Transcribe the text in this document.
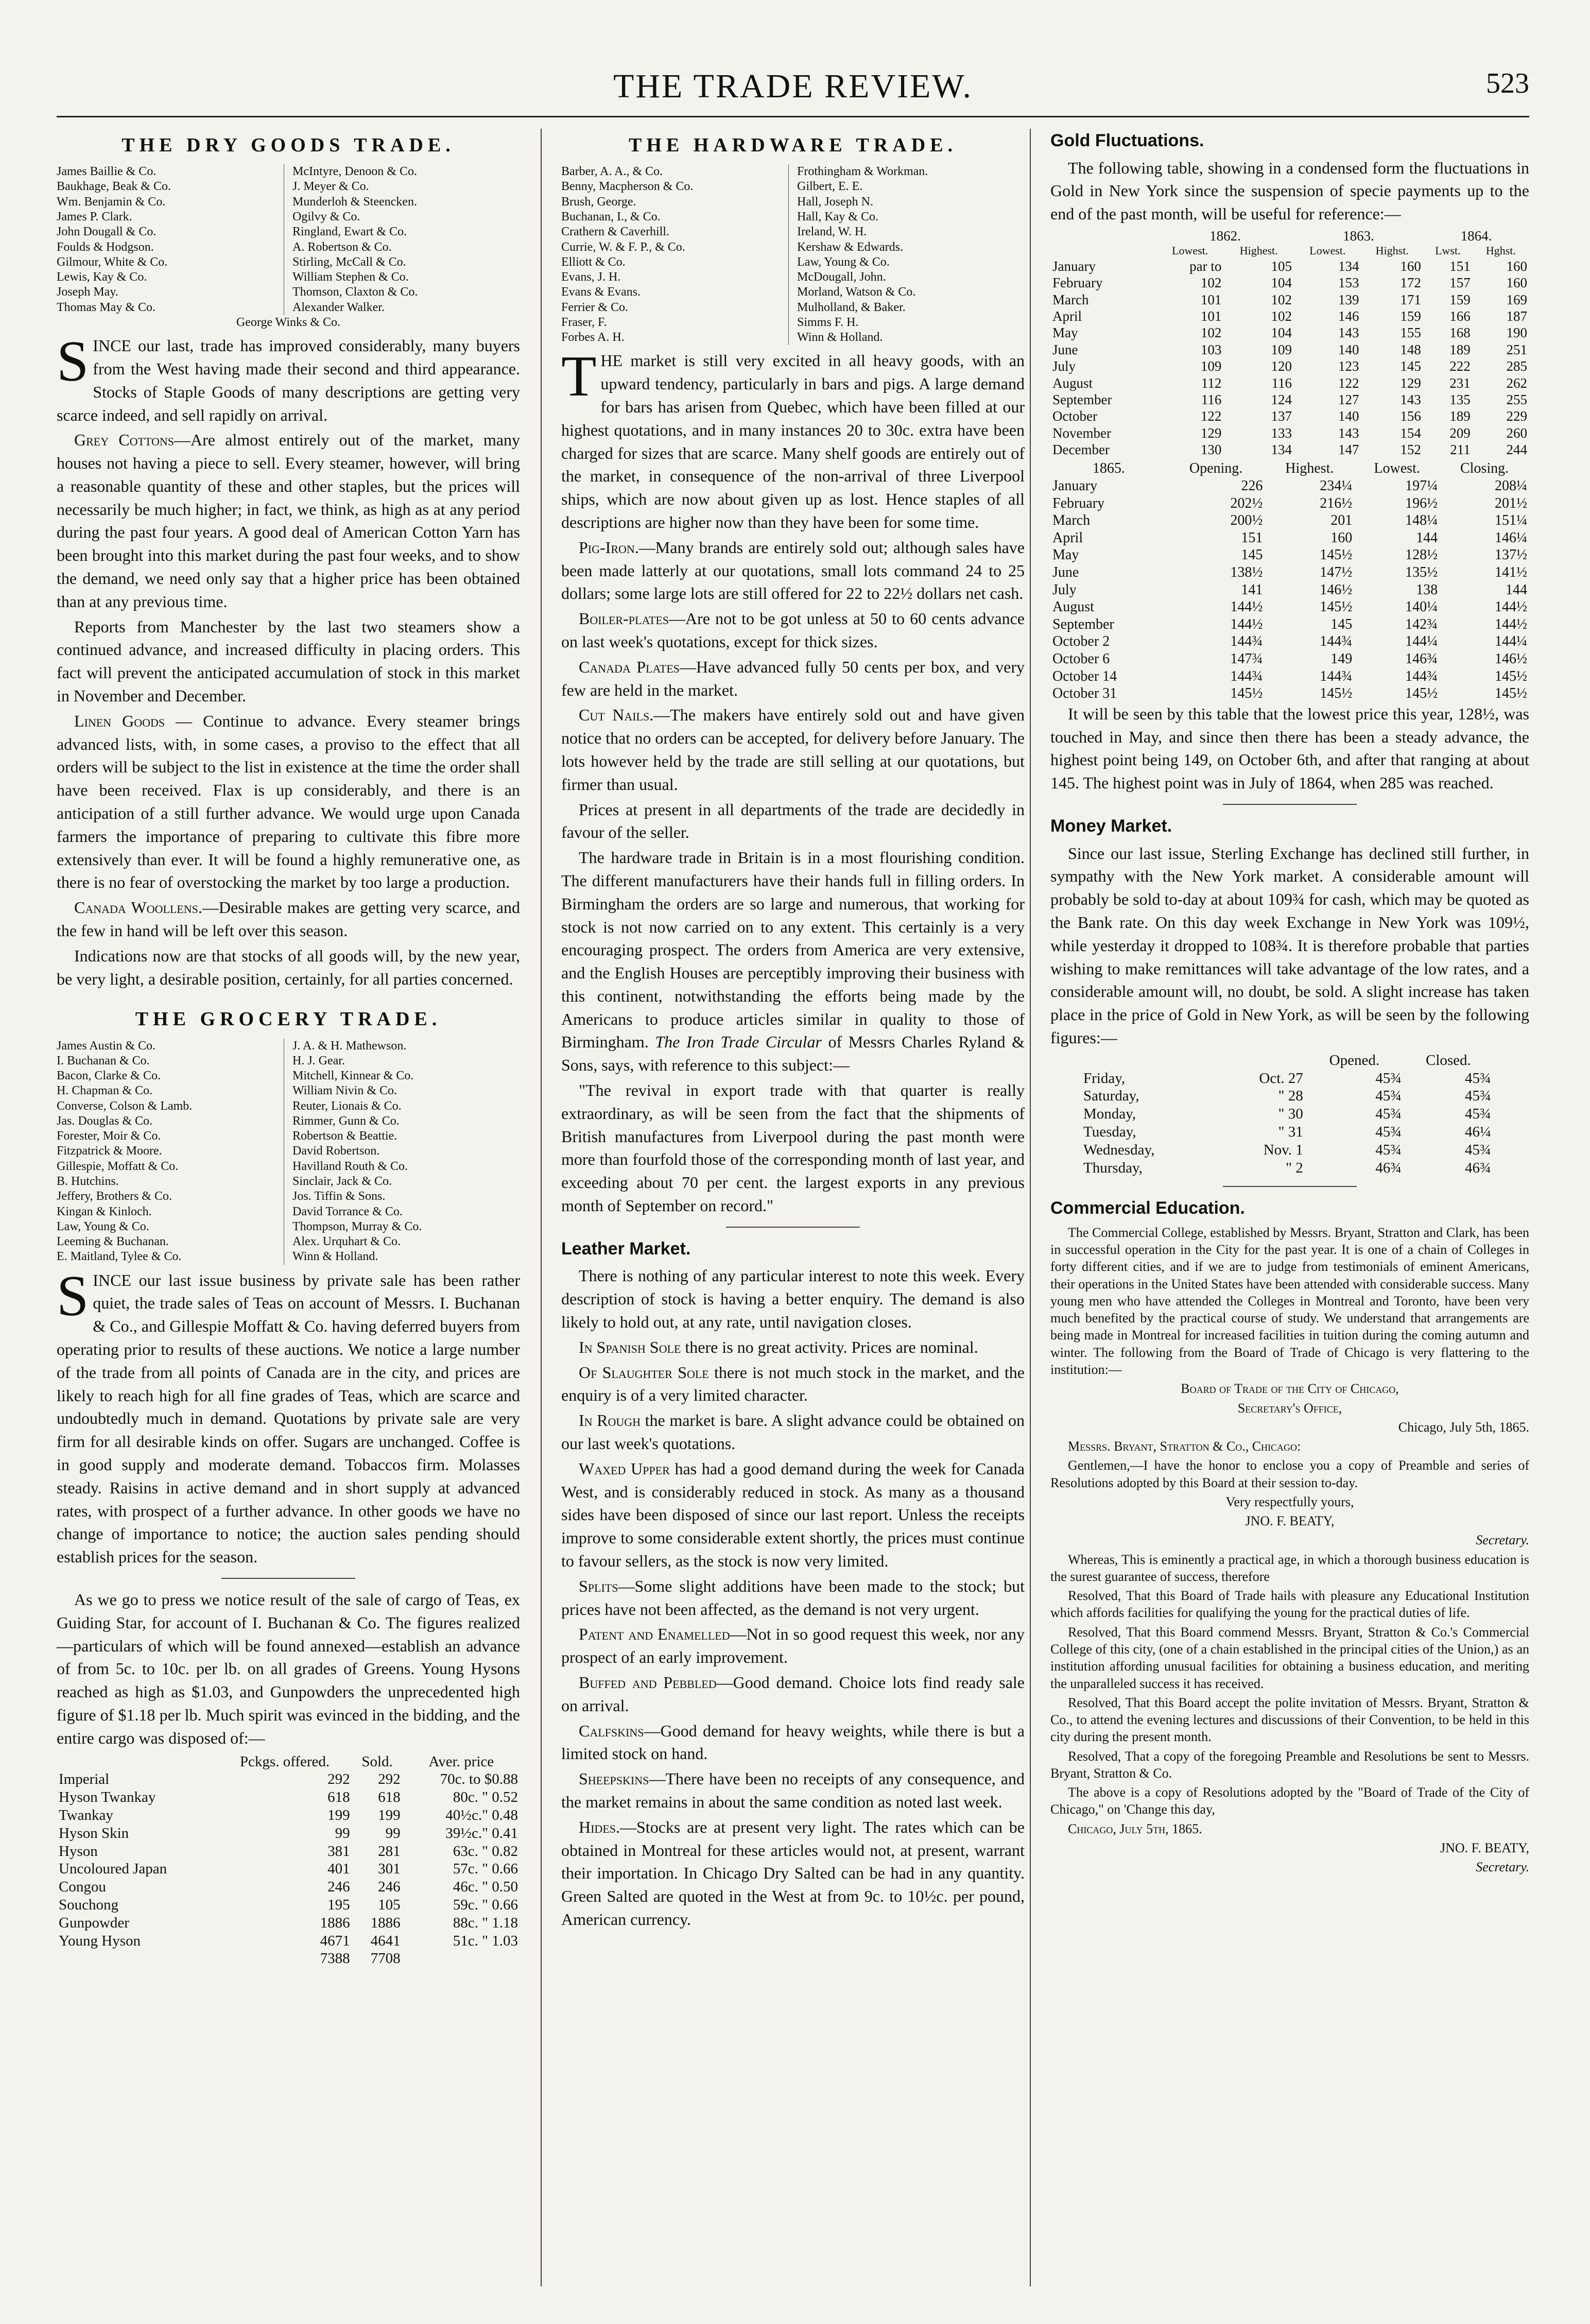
THE TRADE REVIEW.	523
THE DRY GOODS TRADE.
James Baillie & Co.
Baukhage, Beak & Co.
Wm. Benjamin & Co.
James P. Clark.
John Dougall & Co.
Foulds & Hodgson.
Gilmour, White & Co.
Lewis, Kay & Co.
Joseph May.
Thomas May & Co.
McIntyre, Denoon & Co.
J. Meyer & Co.
Munderloh & Steencken.
Ogilvy & Co.
Ringland, Ewart & Co.
A. Robertson & Co.
Stirling, McCall & Co.
William Stephen & Co.
Thomson, Claxton & Co.
Alexander Walker.
George Winks & Co.

SINCE our last, trade has improved considerably, many buyers from the West having made their second and third appearance. Stocks of Staple Goods of many descriptions are getting very scarce indeed, and sell rapidly on arrival.

Grey Cottons—Are almost entirely out of the market, many houses not having a piece to sell. Every steamer, however, will bring a reasonable quantity of these and other staples, but the prices will necessarily be much higher; in fact, we think, as high as at any period during the past four years. A good deal of American Cotton Yarn has been brought into this market during the past four weeks, and to show the demand, we need only say that a higher price has been obtained than at any previous time.

Reports from Manchester by the last two steamers show a continued advance, and increased difficulty in placing orders. This fact will prevent the anticipated accumulation of stock in this market in November and December.

Linen Goods — Continue to advance. Every steamer brings advanced lists, with, in some cases, a proviso to the effect that all orders will be subject to the list in existence at the time the order shall have been received. Flax is up considerably, and there is an anticipation of a still further advance. We would urge upon Canada farmers the importance of preparing to cultivate this fibre more extensively than ever. It will be found a highly remunerative one, as there is no fear of overstocking the market by too large a production.

Canada Woollens.—Desirable makes are getting very scarce, and the few in hand will be left over this season.

Indications now are that stocks of all goods will, by the new year, be very light, a desirable position, certainly, for all parties concerned.

THE GROCERY TRADE.
James Austin & Co.
I. Buchanan & Co.
Bacon, Clarke & Co.
H. Chapman & Co.
Converse, Colson & Lamb.
Jas. Douglas & Co.
Forester, Moir & Co.
Fitzpatrick & Moore.
Gillespie, Moffatt & Co.
B. Hutchins.
Jeffery, Brothers & Co.
Kingan & Kinloch.
Law, Young & Co.
Leeming & Buchanan.
E. Maitland, Tylee & Co.
J. A. & H. Mathewson.
H. J. Gear.
Mitchell, Kinnear & Co.
William Nivin & Co.
Reuter, Lionais & Co.
Rimmer, Gunn & Co.
Robertson & Beattie.
David Robertson.
Havilland Routh & Co.
Sinclair, Jack & Co.
Jos. Tiffin & Sons.
David Torrance & Co.
Thompson, Murray & Co.
Alex. Urquhart & Co.
Winn & Holland.

SINCE our last issue business by private sale has been rather quiet, the trade sales of Teas on account of Messrs. I. Buchanan & Co., and Gillespie Moffatt & Co. having deferred buyers from operating prior to results of these auctions. We notice a large number of the trade from all points of Canada are in the city, and prices are likely to reach high for all fine grades of Teas, which are scarce and undoubtedly much in demand. Quotations by private sale are very firm for all desirable kinds on offer. Sugars are unchanged. Coffee is in good supply and moderate demand. Tobaccos firm. Molasses steady. Raisins in active demand and in short supply at advanced rates, with prospect of a further advance. In other goods we have no change of importance to notice; the auction sales pending should establish prices for the season.

As we go to press we notice result of the sale of cargo of Teas, ex Guiding Star, for account of I. Buchanan & Co. The figures realized—particulars of which will be found annexed—establish an advance of from 5c. to 10c. per lb. on all grades of Greens. Young Hysons reached as high as $1.03, and Gunpowders the unprecedented high figure of $1.18 per lb. Much spirit was evinced in the bidding, and the entire cargo was disposed of:—

	Pckgs. offered.	Sold.	Aver. price
Imperial	292	292	70c. to $0.88
Hyson Twankay	618	618	80c. " 0.52
Twankay	199	199	40½c." 0.48
Hyson Skin	99	99	39½c." 0.41
Hyson	381	281	63c. " 0.82
Uncoloured Japan	401	301	57c. " 0.66
Congou	246	246	46c. " 0.50
Souchong	195	105	59c. " 0.66
Gunpowder	1886	1886	88c. " 1.18
Young Hyson	4671	4641	51c. " 1.03
	7388	7708	
THE HARDWARE TRADE.
Barber, A. A., & Co.
Benny, Macpherson & Co.
Brush, George.
Buchanan, I., & Co.
Crathern & Caverhill.
Currie, W. & F. P., & Co.
Elliott & Co.
Evans, J. H.
Evans & Evans.
Ferrier & Co.
Fraser, F.
Forbes A. H.
Frothingham & Workman.
Gilbert, E. E.
Hall, Joseph N.
Hall, Kay & Co.
Ireland, W. H.
Kershaw & Edwards.
Law, Young & Co.
McDougall, John.
Morland, Watson & Co.
Mulholland, & Baker.
Simms F. H.
Winn & Holland.

THE market is still very excited in all heavy goods, with an upward tendency, particularly in bars and pigs. A large demand for bars has arisen from Quebec, which have been filled at our highest quotations, and in many instances 20 to 30c. extra have been charged for sizes that are scarce. Many shelf goods are entirely out of the market, in consequence of the non-arrival of three Liverpool ships, which are now about given up as lost. Hence staples of all descriptions are higher now than they have been for some time.

Pig-Iron.—Many brands are entirely sold out; although sales have been made latterly at our quotations, small lots command 24 to 25 dollars; some large lots are still offered for 22 to 22½ dollars net cash.

Boiler-plates—Are not to be got unless at 50 to 60 cents advance on last week's quotations, except for thick sizes.

Canada Plates—Have advanced fully 50 cents per box, and very few are held in the market.

Cut Nails.—The makers have entirely sold out and have given notice that no orders can be accepted, for delivery before January. The lots however held by the trade are still selling at our quotations, but firmer than usual.

Prices at present in all departments of the trade are decidedly in favour of the seller.

The hardware trade in Britain is in a most flourishing condition. The different manufacturers have their hands full in filling orders. In Birmingham the orders are so large and numerous, that working for stock is not now carried on to any extent. This certainly is a very encouraging prospect. The orders from America are very extensive, and the English Houses are perceptibly improving their business with this continent, notwithstanding the efforts being made by the Americans to produce articles similar in quality to those of Birmingham. The Iron Trade Circular of Messrs Charles Ryland & Sons, says, with reference to this subject:—

"The revival in export trade with that quarter is really extraordinary, as will be seen from the fact that the shipments of British manufactures from Liverpool during the past month were more than fourfold those of the corresponding month of last year, and exceeding about 70 per cent. the largest exports in any previous month of September on record."

Leather Market.

There is nothing of any particular interest to note this week. Every description of stock is having a better enquiry. The demand is also likely to hold out, at any rate, until navigation closes.

In Spanish Sole there is no great activity. Prices are nominal.

Of Slaughter Sole there is not much stock in the market, and the enquiry is of a very limited character.

In Rough the market is bare. A slight advance could be obtained on our last week's quotations.

Waxed Upper has had a good demand during the week for Canada West, and is considerably reduced in stock. As many as a thousand sides have been disposed of since our last report. Unless the receipts improve to some considerable extent shortly, the prices must continue to favour sellers, as the stock is now very limited.

Splits—Some slight additions have been made to the stock; but prices have not been affected, as the demand is not very urgent.

Patent and Enamelled—Not in so good request this week, nor any prospect of an early improvement.

Buffed and Pebbled—Good demand. Choice lots find ready sale on arrival.

Calfskins—Good demand for heavy weights, while there is but a limited stock on hand.

Sheepskins—There have been no receipts of any consequence, and the market remains in about the same condition as noted last week.

Hides.—Stocks are at present very light. The rates which can be obtained in Montreal for these articles would not, at present, warrant their importation. In Chicago Dry Salted can be had in any quantity. Green Salted are quoted in the West at from 9c. to 10½c. per pound, American currency.

Gold Fluctuations.

The following table, showing in a condensed form the fluctuations in Gold in New York since the suspension of specie payments up to the end of the past month, will be useful for reference:—

	1862.		1863.		1864.	
	Lowest.	Highest.	Lowest.	Highst.	Lwst.	Hghst.
January	par to	105	134	160	151	160
February	102	104	153	172	157	160
March	101	102	139	171	159	169
April	101	102	146	159	166	187
May	102	104	143	155	168	190
June	103	109	140	148	189	251
July	109	120	123	145	222	285
August	112	116	122	129	231	262
September	116	124	127	143	135	255
October	122	137	140	156	189	229
November	129	133	143	154	209	260
December	130	134	147	152	211	244
1865.	Opening.	Highest.	Lowest.	Closing.
January	226	234¼	197¼	208¼
February	202½	216½	196½	201½
March	200½	201	148¼	151¼
April	151	160	144	146¼
May	145	145½	128½	137½
June	138½	147½	135½	141½
July	141	146½	138	144
August	144½	145½	140¼	144½
September	144½	145	142¾	144½
October 2	144¾	144¾	144¼	144¼
October 6	147¾	149	146¾	146½
October 14	144¾	144¾	144¾	145½
October 31	145½	145½	145½	145½

It will be seen by this table that the lowest price this year, 128½, was touched in May, and since then there has been a steady advance, the highest point being 149, on October 6th, and after that ranging at about 145. The highest point was in July of 1864, when 285 was reached.

Money Market.

Since our last issue, Sterling Exchange has declined still further, in sympathy with the New York market. A considerable amount will probably be sold to-day at about 109¾ for cash, which may be quoted as the Bank rate. On this day week Exchange in New York was 109½, while yesterday it dropped to 108¾. It is therefore probable that parties wishing to make remittances will take advantage of the low rates, and a considerable amount will, no doubt, be sold. A slight increase has taken place in the price of Gold in New York, as will be seen by the following figures:—

		Opened.	Closed.
Friday,	Oct. 27	45¾	45¾
Saturday,	" 28	45¾	45¾
Monday,	" 30	45¾	45¾
Tuesday,	" 31	45¾	46¼
Wednesday,	Nov. 1	45¾	45¾
Thursday,	" 2	46¾	46¾
Commercial Education.

The Commercial College, established by Messrs. Bryant, Stratton and Clark, has been in successful operation in the City for the past year. It is one of a chain of Colleges in forty different cities, and if we are to judge from testimonials of eminent Americans, their operations in the United States have been attended with considerable success. Many young men who have attended the Colleges in Montreal and Toronto, have been very much benefited by the practical course of study. We understand that arrangements are being made in Montreal for increased facilities in tuition during the coming autumn and winter. The following from the Board of Trade of Chicago is very flattering to the institution:—

Board of Trade of the City of Chicago,

Secretary's Office,

Chicago, July 5th, 1865.

Messrs. Bryant, Stratton & Co., Chicago:

Gentlemen,—I have the honor to enclose you a copy of Preamble and series of Resolutions adopted by this Board at their session to-day.

Very respectfully yours,

JNO. F. BEATY,

Secretary.

Whereas, This is eminently a practical age, in which a thorough business education is the surest guarantee of success, therefore

Resolved, That this Board of Trade hails with pleasure any Educational Institution which affords facilities for qualifying the young for the practical duties of life.

Resolved, That this Board commend Messrs. Bryant, Stratton & Co.'s Commercial College of this city, (one of a chain established in the principal cities of the Union,) as an institution affording unusual facilities for obtaining a business education, and meriting the unparalleled success it has received.

Resolved, That this Board accept the polite invitation of Messrs. Bryant, Stratton & Co., to attend the evening lectures and discussions of their Convention, to be held in this city during the present month.

Resolved, That a copy of the foregoing Preamble and Resolutions be sent to Messrs. Bryant, Stratton & Co.

The above is a copy of Resolutions adopted by the "Board of Trade of the City of Chicago," on 'Change this day,

Chicago, July 5th, 1865.

JNO. F. BEATY,

Secretary.
